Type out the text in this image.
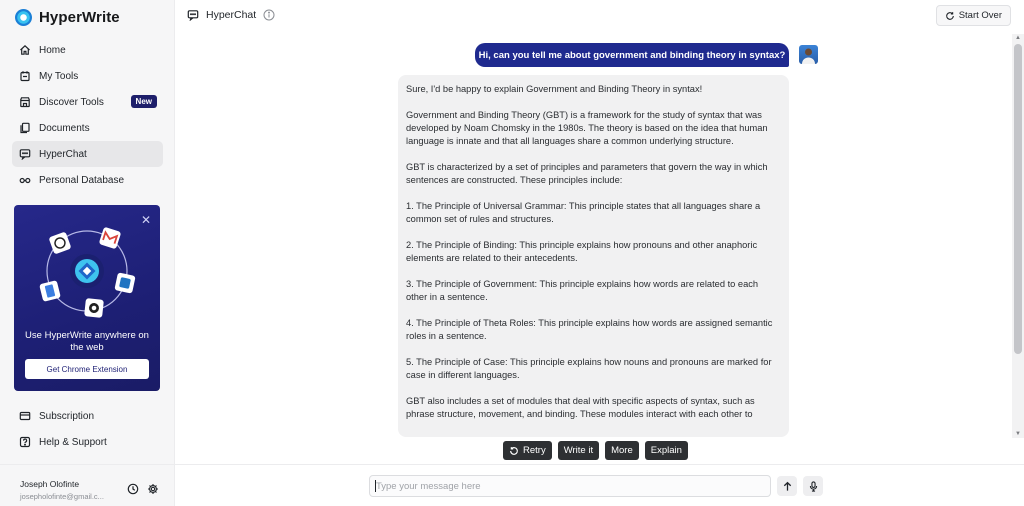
HyperWrite
Home
My Tools
Discover Tools	New
Documents
HyperChat
Personal Database
✕
Use HyperWrite anywhere on the web
Get Chrome Extension
Subscription
Help & Support
Joseph Olofinte
josepholofinte@gmail.c...
HyperChat	Start Over
Hi, can you tell me about government and binding theory in syntax?

Sure, I'd be happy to explain Government and Binding Theory in syntax!

Government and Binding Theory (GBT) is a framework for the study of syntax that was developed by Noam Chomsky in the 1980s. The theory is based on the idea that human language is innate and that all languages share a common underlying structure.

GBT is characterized by a set of principles and parameters that govern the way in which sentences are constructed. These principles include:

1. The Principle of Universal Grammar: This principle states that all languages share a common set of rules and structures.

2. The Principle of Binding: This principle explains how pronouns and other anaphoric elements are related to their antecedents.

3. The Principle of Government: This principle explains how words are related to each other in a sentence.

4. The Principle of Theta Roles: This principle explains how words are assigned semantic roles in a sentence.

5. The Principle of Case: This principle explains how nouns and pronouns are marked for case in different languages.

GBT also includes a set of modules that deal with specific aspects of syntax, such as phrase structure, movement, and binding. These modules interact with each other to

Retry	Write it	More	Explain
Type your message here
▲
▼
